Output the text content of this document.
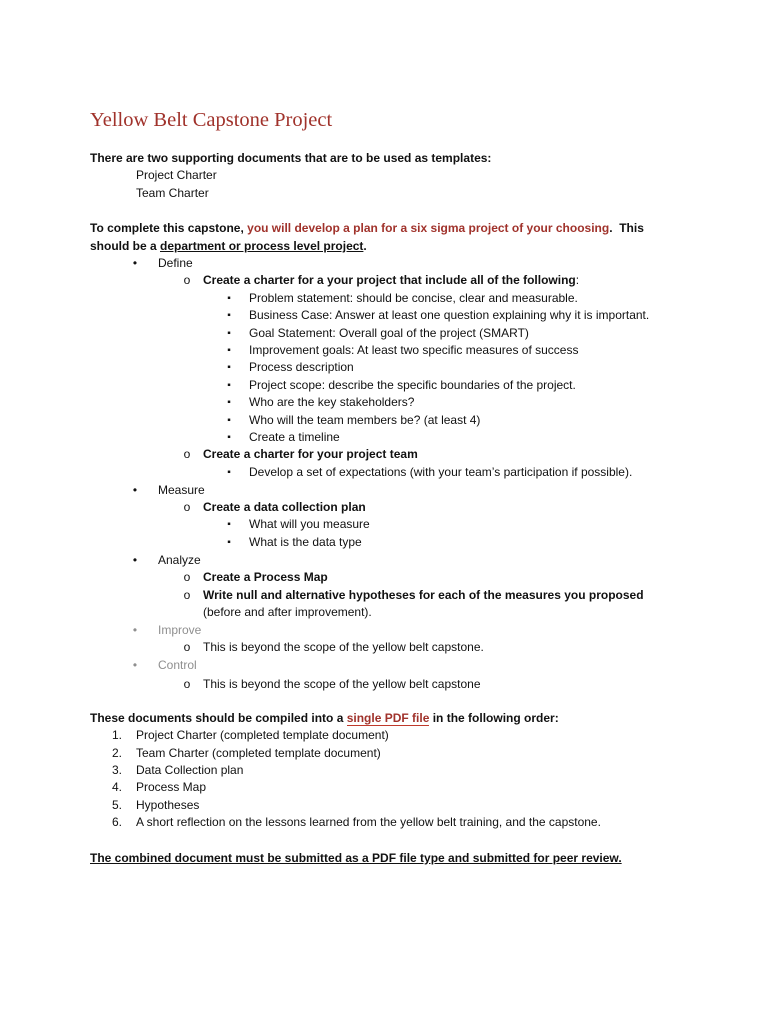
Yellow Belt Capstone Project
There are two supporting documents that are to be used as templates:
Project Charter
Team Charter
To complete this capstone, you will develop a plan for a six sigma project of your choosing.  This
should be a department or process level project.
• Define
o Create a charter for a your project that include all of the following:
▪ Problem statement: should be concise, clear and measurable.
▪ Business Case: Answer at least one question explaining why it is important.
▪ Goal Statement: Overall goal of the project (SMART)
▪ Improvement goals: At least two specific measures of success
▪ Process description
▪ Project scope: describe the specific boundaries of the project.
▪ Who are the key stakeholders?
▪ Who will the team members be? (at least 4)
▪ Create a timeline
o Create a charter for your project team
▪ Develop a set of expectations (with your team’s participation if possible).
• Measure
o Create a data collection plan
▪ What will you measure
▪ What is the data type
• Analyze
o Create a Process Map
o Write null and alternative hypotheses for each of the measures you proposed
(before and after improvement).
• Improve
o This is beyond the scope of the yellow belt capstone.
• Control
o This is beyond the scope of the yellow belt capstone
These documents should be compiled into a single PDF file in the following order:
1. Project Charter (completed template document)
2. Team Charter (completed template document)
3. Data Collection plan
4. Process Map
5. Hypotheses
6. A short reflection on the lessons learned from the yellow belt training, and the capstone.
The combined document must be submitted as a PDF file type and submitted for peer review.
